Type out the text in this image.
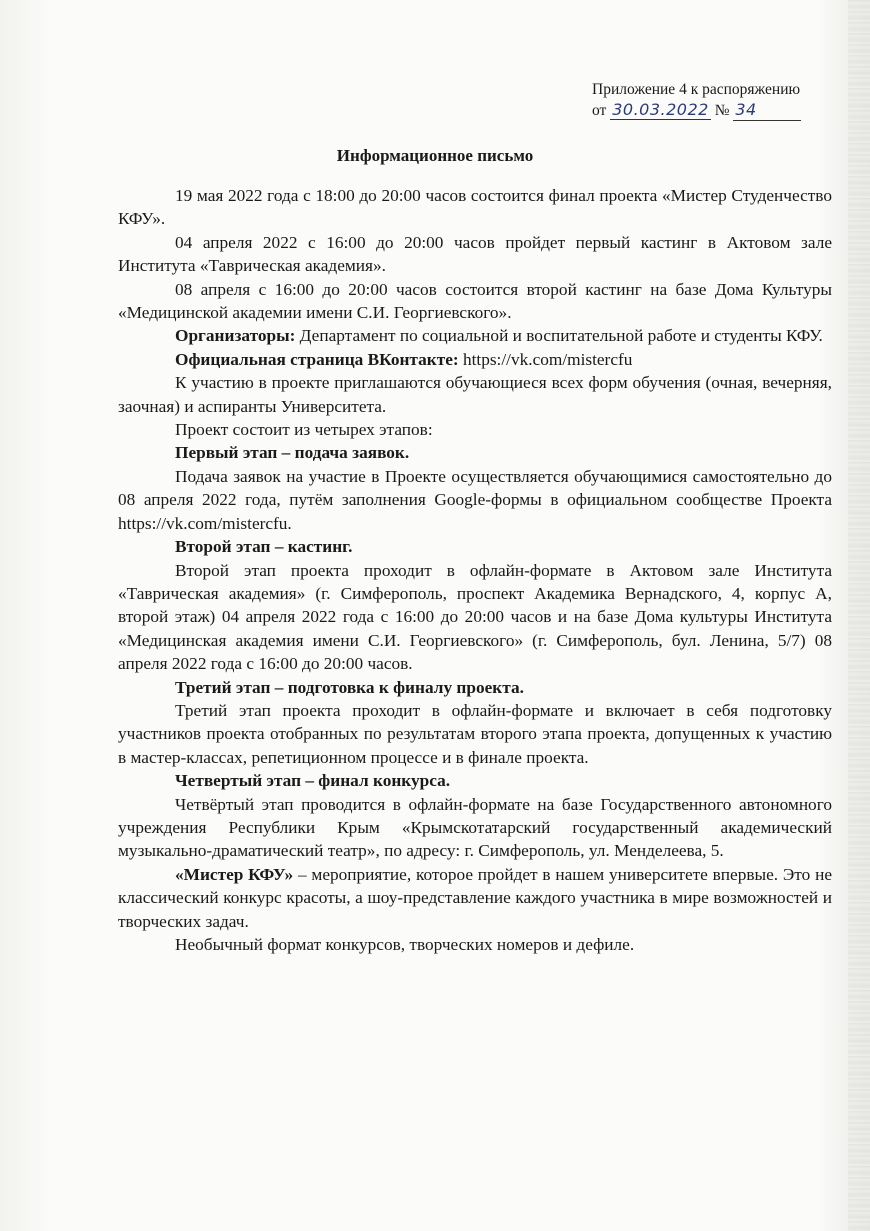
Приложение 4 к распоряжению
от 30.03.2022 № 34
Информационное письмо

19 мая 2022 года с 18:00 до 20:00 часов состоится финал проекта «Мистер Студенчество КФУ».

04 апреля 2022 с 16:00 до 20:00 часов пройдет первый кастинг в Актовом зале Института «Таврическая академия».

08 апреля с 16:00 до 20:00 часов состоится второй кастинг на базе Дома Культуры «Медицинской академии имени С.И. Георгиевского».

Организаторы: Департамент по социальной и воспитательной работе и студенты КФУ.

Официальная страница ВКонтакте: https://vk.com/mistercfu

К участию в проекте приглашаются обучающиеся всех форм обучения (очная, вечерняя, заочная) и аспиранты Университета.

Проект состоит из четырех этапов:

Первый этап – подача заявок.

Подача заявок на участие в Проекте осуществляется обучающимися самостоятельно до 08 апреля 2022 года, путём заполнения Google-формы в официальном сообществе Проекта https://vk.com/mistercfu.

Второй этап – кастинг.

Второй этап проекта проходит в офлайн-формате в Актовом зале Института «Таврическая академия» (г. Симферополь, проспект Академика Вернадского, 4, корпус А, второй этаж) 04 апреля 2022 года с 16:00 до 20:00 часов и на базе Дома культуры Института «Медицинская академия имени С.И. Георгиевского» (г. Симферополь, бул. Ленина, 5/7) 08 апреля 2022 года с 16:00 до 20:00 часов.

Третий этап – подготовка к финалу проекта.

Третий этап проекта проходит в офлайн-формате и включает в себя подготовку участников проекта отобранных по результатам второго этапа проекта, допущенных к участию в мастер-классах, репетиционном процессе и в финале проекта.

Четвертый этап – финал конкурса.

Четвёртый этап проводится в офлайн-формате на базе Государственного автономного учреждения Республики Крым «Крымскотатарский государственный академический музыкально-драматический театр», по адресу: г. Симферополь, ул. Менделеева, 5.

«Мистер КФУ» – мероприятие, которое пройдет в нашем университете впервые. Это не классический конкурс красоты, а шоу-представление каждого участника в мире возможностей и творческих задач.

Необычный формат конкурсов, творческих номеров и дефиле.
